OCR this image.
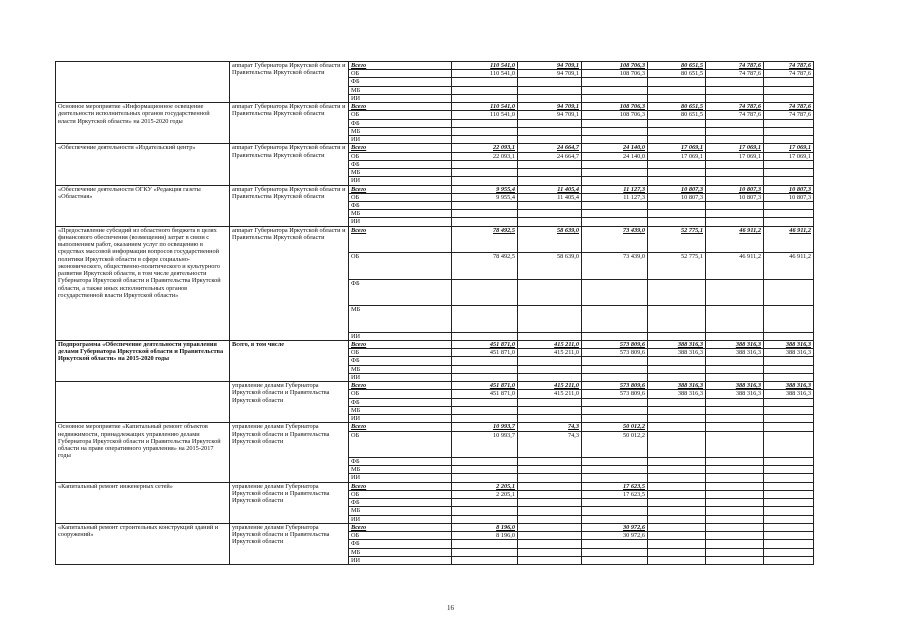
	аппарат Губернатора Иркутской области и Правительства Иркутской области	Всего	110 541,0	94 709,1	108 706,3	80 651,5	74 787,6	74 787,6
		ОБ	110 541,0	94 709,1	108 706,3	80 651,5	74 787,6	74 787,6
		ФБ						
		МБ						
		ИИ						
Основное мероприятие «Информационное освещение деятельности исполнительных органов государственной власти Иркутской области» на 2015-2020 годы	аппарат Губернатора Иркутской области и Правительства Иркутской области	Всего	110 541,0	94 709,1	108 706,3	80 651,5	74 787,6	74 787,6
		ОБ	110 541,0	94 709,1	108 706,3	80 651,5	74 787,6	74 787,6
		ФБ						
		МБ						
		ИИ						
«Обеспечение деятельности «Издательский центр»	аппарат Губернатора Иркутской области и Правительства Иркутской области	Всего	22 093,1	24 664,7	24 140,0	17 069,1	17 069,1	17 069,1
		ОБ	22 093,1	24 664,7	24 140,0	17 069,1	17 069,1	17 069,1
		ФБ						
		МБ						
		ИИ						
«Обеспечение деятельности ОГКУ «Редакция газеты «Областная»	аппарат Губернатора Иркутской области и Правительства Иркутской области	Всего	9 955,4	11 405,4	11 127,3	10 807,3	10 807,3	10 807,3
		ОБ	9 955,4	11 405,4	11 127,3	10 807,3	10 807,3	10 807,3
		ФБ						
		МБ						
		ИИ						
«Предоставление субсидий из областного бюджета в целях финансового обеспечения (возмещения) затрат в связи с выполнением работ, оказанием услуг по освещению в средствах массовой информации вопросов государственной политики Иркутской области в сфере социально-экономического, общественно-политического и культурного развития Иркутской области, в том числе деятельности Губернатора Иркутской области и Правительства Иркутской области, а также иных исполнительных органов государственной власти Иркутской области»	аппарат Губернатора Иркутской области и Правительства Иркутской области	Всего	78 492,5	58 639,0	73 439,0	52 775,1	46 911,2	46 911,2
		ОБ	78 492,5	58 639,0	73 439,0	52 775,1	46 911,2	46 911,2
		ФБ						
		МБ						
		ИИ						
Подпрограмма «Обеспечение деятельности управления делами Губернатора Иркутской области и Правительства Иркутской области» на 2015-2020 годы	Всего, в том числе	Всего	451 871,0	415 211,0	573 809,6	388 316,3	388 316,3	388 316,3
		ОБ	451 871,0	415 211,0	573 809,6	388 316,3	388 316,3	388 316,3
		ФБ						
		МБ						
		ИИ						
	управление делами Губернатора Иркутской области и Правительства Иркутской области	Всего	451 871,0	415 211,0	573 809,6	388 316,3	388 316,3	388 316,3
		ОБ	451 871,0	415 211,0	573 809,6	388 316,3	388 316,3	388 316,3
		ФБ						
		МБ						
		ИИ						
Основное мероприятие «Капитальный ремонт объектов недвижимости, принадлежащих управлению делами Губернатора Иркутской области и Правительства Иркутской области на праве оперативного управления» на 2015-2017 годы	управление делами Губернатора Иркутской области и Правительства Иркутской области	Всего	10 993,7	74,3	50 012,2			
		ОБ	10 993,7	74,3	50 012,2			
		ФБ						
		МБ						
		ИИ						
«Капитальный ремонт инженерных сетей»	управление делами Губернатора Иркутской области и Правительства Иркутской области	Всего	2 205,1		17 623,5			
		ОБ	2 205,1		17 623,5			
		ФБ						
		МБ						
		ИИ						
«Капитальный ремонт строительных конструкций зданий и сооружений»	управление делами Губернатора Иркутской области и Правительства Иркутской области	Всего	8 196,0		30 972,6			
		ОБ	8 196,0		30 972,6			
		ФБ						
		МБ						
		ИИ						
16
